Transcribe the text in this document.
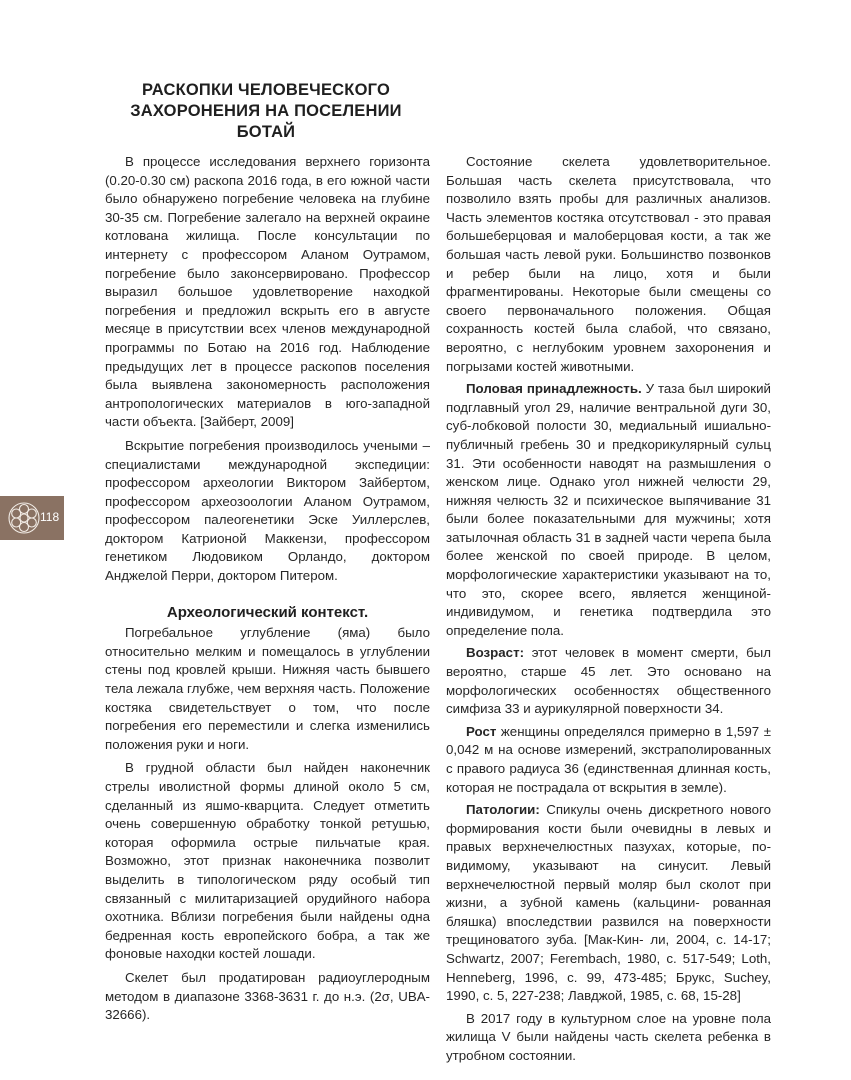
РАСКОПКИ ЧЕЛОВЕЧЕСКОГО
ЗАХОРОНЕНИЯ НА ПОСЕЛЕНИИ
БОТАЙ

В процессе исследования верхнего горизонта (0.20-0.30 см) раскопа 2016 года, в его южной части было обнаружено погребение человека на глубине 30-35 см. Погребение залегало на верхней окраине котлована жилища. После консультации по интернету с профессором Аланом Оутрамом, погребение было законсервировано. Профессор выразил большое удовлетворение находкой погребения и предложил вскрыть его в августе месяце в присутствии всех членов международной программы по Ботаю на 2016 год. Наблюдение предыдущих лет в процессе раскопов поселения была выявлена закономерность расположения антропологических материалов в юго-западной части объекта. [Зайберт, 2009]

Вскрытие погребения производилось учеными – специалистами международной экспедиции: профессором археологии Виктором Зайбертом, профессором археозоологии Аланом Оутрамом, профессором палеогенетики Эске Уиллерслев, доктором Катрионой Маккензи, профессором генетиком Людовиком Орландо, доктором Анджелой Перри, доктором Питером.

Археологический контекст.

Погребальное углубление (яма) было относительно мелким и помещалось в углублении стены под кровлей крыши. Нижняя часть бывшего тела лежала глубже, чем верхняя часть. Положение костяка свидетельствует о том, что после погребения его переместили и слегка изменились положения руки и ноги.

В грудной области был найден наконечник стрелы иволистной формы длиной около 5 см, сделанный из яшмо-кварцита. Следует отметить очень совершенную обработку тонкой ретушью, которая оформила острые пильчатые края. Возможно, этот признак наконечника позволит выделить в типологическом ряду особый тип связанный с милитаризацией орудийного набора охотника. Вблизи погребения были найдены одна бедренная кость европейского бобра, а так же фоновые находки костей лошади.

Скелет был продатирован радиоуглеродным методом в диапазоне 3368-3631 г. до н.э. (2σ, UBA-32666).

Состояние скелета удовлетворительное. Большая часть скелета присутствовала, что позволило взять пробы для различных анализов. Часть элементов костяка отсутствовал - это правая большеберцовая и малоберцовая кости, а так же большая часть левой руки. Большинство позвонков и ребер были на лицо, хотя и были фрагментированы. Некоторые были смещены со своего первоначального положения. Общая сохранность костей была слабой, что связано, вероятно, с неглубоким уровнем захоронения и погрызами костей животными.

Половая принадлежность. У таза был широкий подглавный угол 29, наличие вентральной дуги 30, суб-лобковой полости 30, медиальный ишиально-публичный гребень 30 и предкорикулярный сульц 31. Эти особенности наводят на размышления о женском лице. Однако угол нижней челюсти 29, нижняя челюсть 32 и психическое выпячивание 31 были более показательными для мужчины; хотя затылочная область 31 в задней части черепа была более женской по своей природе. В целом, морфологические характеристики указывают на то, что это, скорее всего, является женщиной-индивидумом, и генетика подтвердила это определение пола.

Возраст: этот человек в момент смерти, был вероятно, старше 45 лет. Это основано на морфологических особенностях общественного симфиза 33 и аурикулярной поверхности 34.

Рост женщины определялся примерно в 1,597 ± 0,042 м на основе измерений, экстраполированных с правого радиуса 36 (единственная длинная кость, которая не пострадала от вскрытия в земле).

Патологии: Спикулы очень дискретного нового формирования кости были очевидны в левых и правых верхнечелюстных пазухах, которые, по-видимому, указывают на синусит. Левый верхнечелюстной первый моляр был сколот при жизни, а зубной камень (кальцини- рованная бляшка) впоследствии развился на поверхности трещиноватого зуба. [Мак-Кин- ли, 2004, с. 14-17; Schwartz, 2007; Ferembach, 1980, с. 517-549; Loth, Henneberg, 1996, с. 99, 473-485; Брукс, Suchey, 1990, с. 5, 227-238; Лавджой, 1985, с. 68, 15-28]

В 2017 году в культурном слое на уровне пола жилища V были найдены часть скелета ребенка в утробном состоянии.

118
